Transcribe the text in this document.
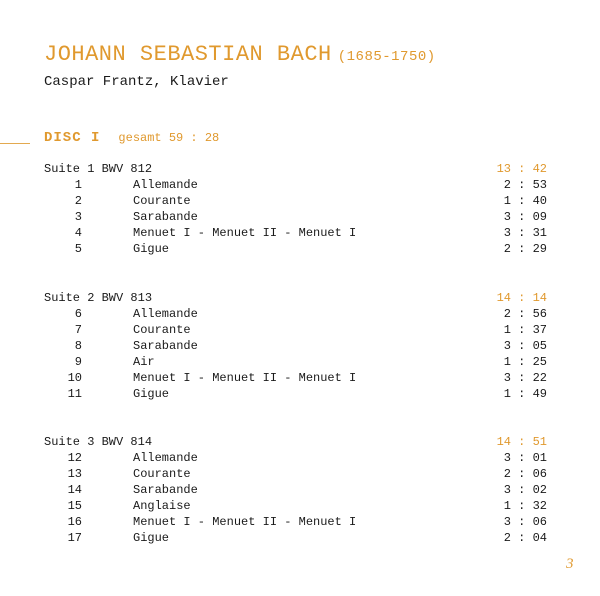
JOHANN SEBASTIAN BACH (1685-1750)
Caspar Frantz, Klavier
DISC I gesamt 59 : 28
Suite 1 BWV 812	13 : 42
1	Allemande	2 : 53
2	Courante	1 : 40
3	Sarabande	3 : 09
4	Menuet I - Menuet II - Menuet I	3 : 31
5	Gigue	2 : 29
Suite 2 BWV 813	14 : 14
6	Allemande	2 : 56
7	Courante	1 : 37
8	Sarabande	3 : 05
9	Air	1 : 25
10	Menuet I - Menuet II - Menuet I	3 : 22
11	Gigue	1 : 49
Suite 3 BWV 814	14 : 51
12	Allemande	3 : 01
13	Courante	2 : 06
14	Sarabande	3 : 02
15	Anglaise	1 : 32
16	Menuet I - Menuet II - Menuet I	3 : 06
17	Gigue	2 : 04
3
